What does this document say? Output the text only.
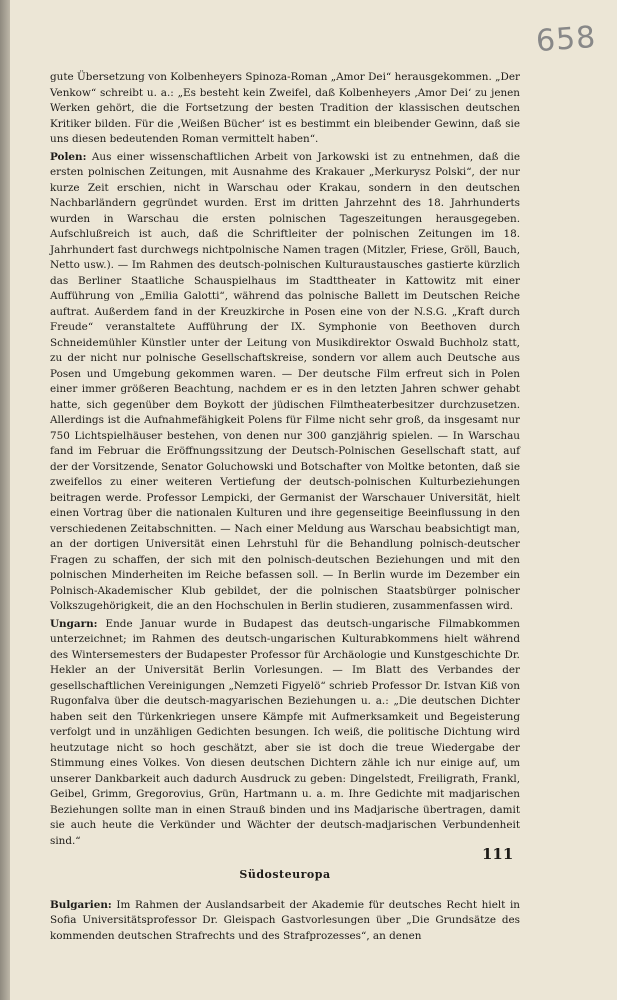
658

gute Übersetzung von Kolbenheyers Spinoza-Roman „Amor Dei“ herausgekommen. „Der Venkow“ schreibt u. a.: „Es besteht kein Zweifel, daß Kolbenheyers ‚Amor Dei‘ zu jenen Werken gehört, die die Fortsetzung der besten Tradition der klassischen deutschen Kritiker bilden. Für die ‚Weißen Bücher‘ ist es bestimmt ein bleibender Gewinn, daß sie uns diesen bedeutenden Roman vermittelt haben“.

Polen: Aus einer wissenschaftlichen Arbeit von Jarkowski ist zu entnehmen, daß die ersten polnischen Zeitungen, mit Ausnahme des Krakauer „Merkurysz Polski“, der nur kurze Zeit erschien, nicht in Warschau oder Krakau, sondern in den deutschen Nachbarländern gegründet wurden. Erst im dritten Jahrzehnt des 18. Jahrhunderts wurden in Warschau die ersten polnischen Tageszeitungen herausgegeben. Aufschlußreich ist auch, daß die Schriftleiter der polnischen Zeitungen im 18. Jahrhundert fast durchwegs nichtpolnische Namen tragen (Mitzler, Friese, Gröll, Bauch, Netto usw.). — Im Rahmen des deutsch-polnischen Kulturaustausches gastierte kürzlich das Berliner Staatliche Schauspielhaus im Stadttheater in Kattowitz mit einer Aufführung von „Emilia Galotti“, während das polnische Ballett im Deutschen Reiche auftrat. Außerdem fand in der Kreuzkirche in Posen eine von der N.S.G. „Kraft durch Freude“ veranstaltete Aufführung der IX. Symphonie von Beethoven durch Schneidemühler Künstler unter der Leitung von Musikdirektor Oswald Buchholz statt, zu der nicht nur polnische Gesellschaftskreise, sondern vor allem auch Deutsche aus Posen und Umgebung gekommen waren. — Der deutsche Film erfreut sich in Polen einer immer größeren Beachtung, nachdem er es in den letzten Jahren schwer gehabt hatte, sich gegenüber dem Boykott der jüdischen Filmtheaterbesitzer durchzusetzen. Allerdings ist die Aufnahmefähigkeit Polens für Filme nicht sehr groß, da insgesamt nur 750 Lichtspielhäuser bestehen, von denen nur 300 ganzjährig spielen. — In Warschau fand im Februar die Eröffnungssitzung der Deutsch-Polnischen Gesellschaft statt, auf der der Vorsitzende, Senator Goluchowski und Botschafter von Moltke betonten, daß sie zweifellos zu einer weiteren Vertiefung der deutsch-polnischen Kulturbeziehungen beitragen werde. Professor Lempicki, der Germanist der Warschauer Universität, hielt einen Vortrag über die nationalen Kulturen und ihre gegenseitige Beeinflussung in den verschiedenen Zeitabschnitten. — Nach einer Meldung aus Warschau beabsichtigt man, an der dortigen Universität einen Lehrstuhl für die Behandlung polnisch-deutscher Fragen zu schaffen, der sich mit den polnisch-deutschen Beziehungen und mit den polnischen Minderheiten im Reiche befassen soll. — In Berlin wurde im Dezember ein Polnisch-Akademischer Klub gebildet, der die polnischen Staatsbürger polnischer Volkszugehörigkeit, die an den Hochschulen in Berlin studieren, zusammenfassen wird.

Ungarn: Ende Januar wurde in Budapest das deutsch-ungarische Filmabkommen unterzeichnet; im Rahmen des deutsch-ungarischen Kulturabkommens hielt während des Wintersemesters der Budapester Professor für Archäologie und Kunstgeschichte Dr. Hekler an der Universität Berlin Vorlesungen. — Im Blatt des Verbandes der gesellschaftlichen Vereinigungen „Nemzeti Figyelö“ schrieb Professor Dr. Istvan Kiß von Rugonfalva über die deutsch-magyarischen Beziehungen u. a.: „Die deutschen Dichter haben seit den Türkenkriegen unsere Kämpfe mit Aufmerksamkeit und Begeisterung verfolgt und in unzähligen Gedichten besungen. Ich weiß, die politische Dichtung wird heutzutage nicht so hoch geschätzt, aber sie ist doch die treue Wiedergabe der Stimmung eines Volkes. Von diesen deutschen Dichtern zähle ich nur einige auf, um unserer Dankbarkeit auch dadurch Ausdruck zu geben: Dingelstedt, Freiligrath, Frankl, Geibel, Grimm, Gregorovius, Grün, Hartmann u. a. m. Ihre Gedichte mit madjarischen Beziehungen sollte man in einen Strauß binden und ins Madjarische übertragen, damit sie auch heute die Verkünder und Wächter der deutsch-madjarischen Verbundenheit sind.“

Südosteuropa

Bulgarien: Im Rahmen der Auslandsarbeit der Akademie für deutsches Recht hielt in Sofia Universitätsprofessor Dr. Gleispach Gastvorlesungen über „Die Grundsätze des kommenden deutschen Strafrechts und des Strafprozesses“, an denen

111
